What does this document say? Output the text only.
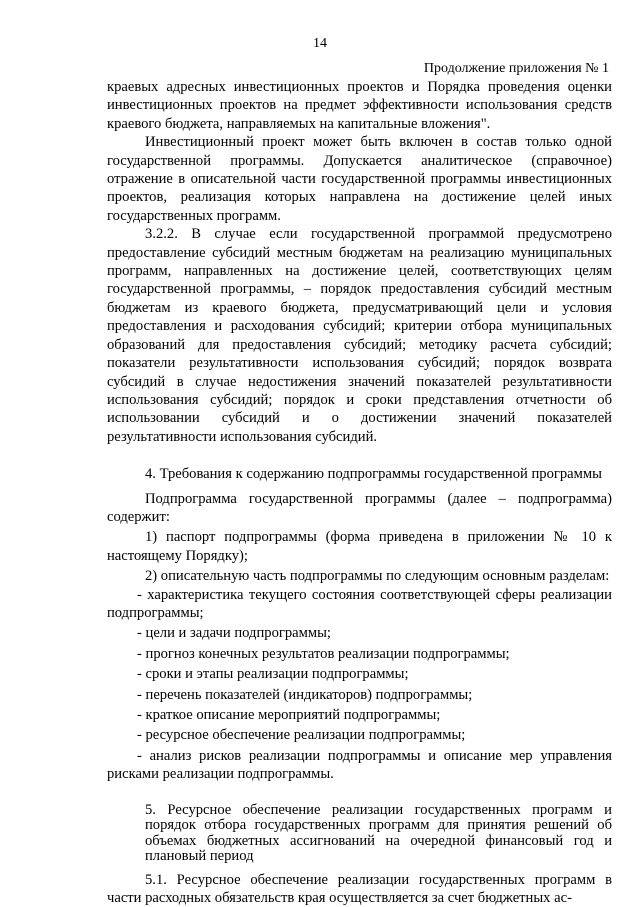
14
Продолжение приложения № 1

краевых адресных инвестиционных проектов и Порядка проведения оценки инвестиционных проектов на предмет эффективности использования средств краевого бюджета, направляемых на капитальные вложения".

Инвестиционный проект может быть включен в состав только одной государственной программы. Допускается аналитическое (справочное) отражение в описательной части государственной программы инвестиционных проектов, реализация которых направлена на достижение целей иных государственных программ.

3.2.2. В случае если государственной программой предусмотрено предоставление субсидий местным бюджетам на реализацию муниципальных программ, направленных на достижение целей, соответствующих целям государственной программы, – порядок предоставления субсидий местным бюджетам из краевого бюджета, предусматривающий цели и условия предоставления и расходования субсидий; критерии отбора муниципальных образований для предоставления субсидий; методику расчета субсидий; показатели результативности использования субсидий; порядок возврата субсидий в случае недостижения значений показателей результативности использования субсидий; порядок и сроки представления отчетности об использовании субсидий и о достижении значений показателей результативности использования субсидий.

4. Требования к содержанию подпрограммы государственной программы

Подпрограмма государственной программы (далее – подпрограмма) содержит:

1) паспорт подпрограммы (форма приведена в приложении № 10 к настоящему Порядку);

2) описательную часть подпрограммы по следующим основным разделам:

- характеристика текущего состояния соответствующей сферы реализации подпрограммы;

- цели и задачи подпрограммы;

- прогноз конечных результатов реализации подпрограммы;

- сроки и этапы реализации подпрограммы;

- перечень показателей (индикаторов) подпрограммы;

- краткое описание мероприятий подпрограммы;

- ресурсное обеспечение реализации подпрограммы;

- анализ рисков реализации подпрограммы и описание мер управления рисками реализации подпрограммы.

5. Ресурсное обеспечение реализации государственных программ и порядок отбора государственных программ для принятия решений об объемах бюджетных ассигнований на очередной финансовый год и плановый период

5.1. Ресурсное обеспечение реализации государственных программ в части расходных обязательств края осуществляется за счет бюджетных ас-
